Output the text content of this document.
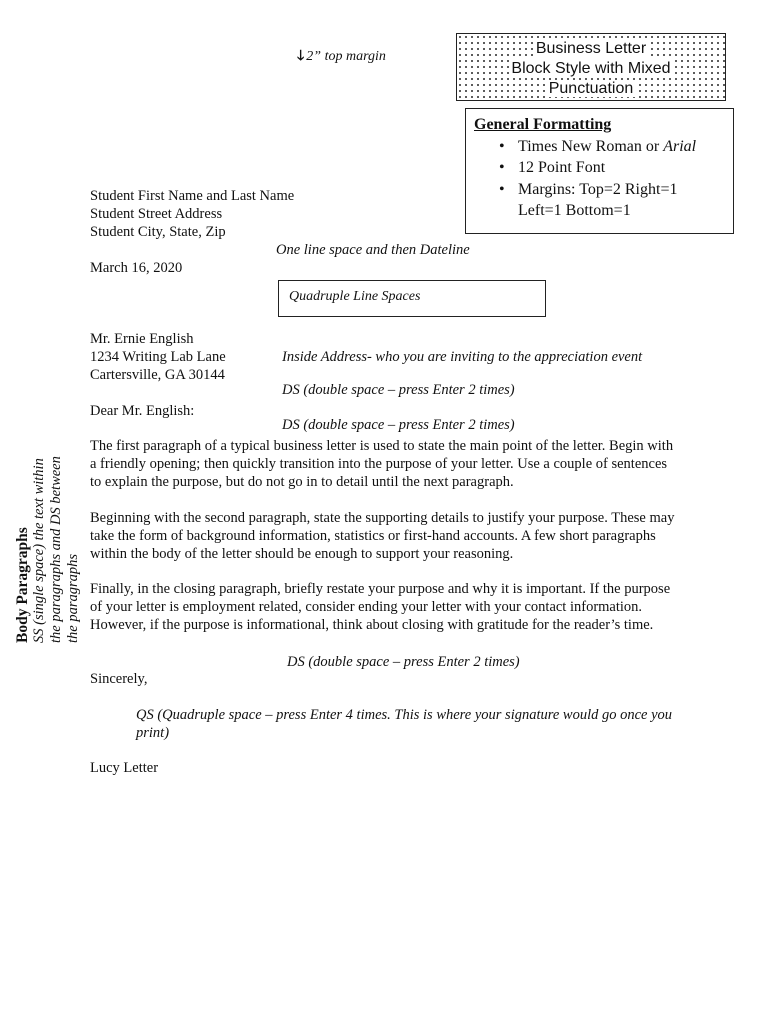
🡓 2” top margin	Business Letter
Block Style with Mixed
Punctuation
General Formatting
• Times New Roman or Arial
• 12 Point Font
• Margins: Top=2 Right=1
Left=1 Bottom=1
Student First Name and Last Name
Student Street Address
Student City, State, Zip
One line space and then Dateline
March 16, 2020
Quadruple Line Spaces
Mr. Ernie English
1234 Writing Lab Lane
Cartersville, GA 30144
Inside Address- who you are inviting to the appreciation event
DS (double space – press Enter 2 times)
Dear Mr. English:
DS (double space – press Enter 2 times)
The first paragraph of a typical business letter is used to state the main point of the letter. Begin with a friendly opening; then quickly transition into the purpose of your letter. Use a couple of sentences to explain the purpose, but do not go in to detail until the next paragraph.
Beginning with the second paragraph, state the supporting details to justify your purpose. These may take the form of background information, statistics or first-hand accounts. A few short paragraphs within the body of the letter should be enough to support your reasoning.
Finally, in the closing paragraph, briefly restate your purpose and why it is important. If the purpose of your letter is employment related, consider ending your letter with your contact information. However, if the purpose is informational, think about closing with gratitude for the reader’s time.
DS (double space – press Enter 2 times)
Sincerely,
QS (Quadruple space – press Enter 4 times. This is where your signature would go once you print)
Lucy Letter
Body Paragraphs SS (single space) the text within the paragraphs and DS between the paragraphs
